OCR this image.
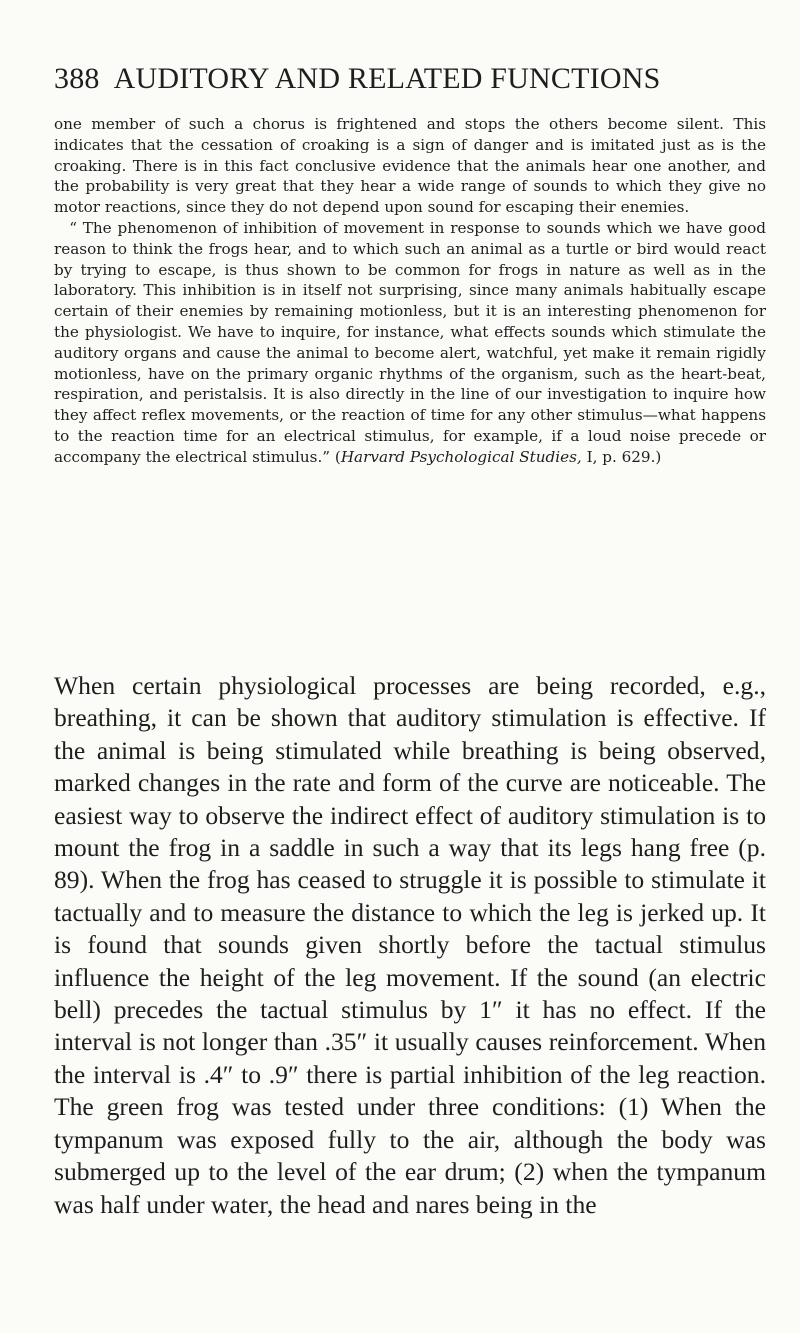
388 AUDITORY AND RELATED FUNCTIONS

one member of such a chorus is frightened and stops the others become silent. This indicates that the cessation of croaking is a sign of danger and is imitated just as is the croaking. There is in this fact conclusive evidence that the animals hear one another, and the probability is very great that they hear a wide range of sounds to which they give no motor reactions, since they do not depend upon sound for escaping their enemies.

“ The phenomenon of inhibition of movement in response to sounds which we have good reason to think the frogs hear, and to which such an animal as a turtle or bird would react by trying to escape, is thus shown to be common for frogs in nature as well as in the laboratory. This inhibition is in itself not surprising, since many animals habitually escape certain of their enemies by remaining motionless, but it is an interesting phenomenon for the physiologist. We have to inquire, for instance, what effects sounds which stimulate the auditory organs and cause the animal to become alert, watchful, yet make it remain rigidly motionless, have on the primary organic rhythms of the organism, such as the heart-beat, respiration, and peristalsis. It is also directly in the line of our investigation to inquire how they affect reflex movements, or the reaction of time for any other stimulus—what happens to the reaction time for an electrical stimulus, for example, if a loud noise precede or accompany the electrical stimulus.” (Harvard Psychological Studies, I, p. 629.)

When certain physiological processes are being recorded, e.g., breathing, it can be shown that auditory stimulation is effective. If the animal is being stimulated while breathing is being observed, marked changes in the rate and form of the curve are noticeable. The easiest way to observe the indirect effect of auditory stimulation is to mount the frog in a saddle in such a way that its legs hang free (p. 89). When the frog has ceased to struggle it is possible to stimulate it tactually and to measure the distance to which the leg is jerked up. It is found that sounds given shortly before the tactual stimulus influence the height of the leg movement. If the sound (an electric bell) precedes the tactual stimulus by 1″ it has no effect. If the interval is not longer than .35″ it usually causes reinforcement. When the interval is .4″ to .9″ there is partial inhibition of the leg reaction. The green frog was tested under three conditions: (1) When the tympanum was exposed fully to the air, although the body was submerged up to the level of the ear drum; (2) when the tympanum was half under water, the head and nares being in the
